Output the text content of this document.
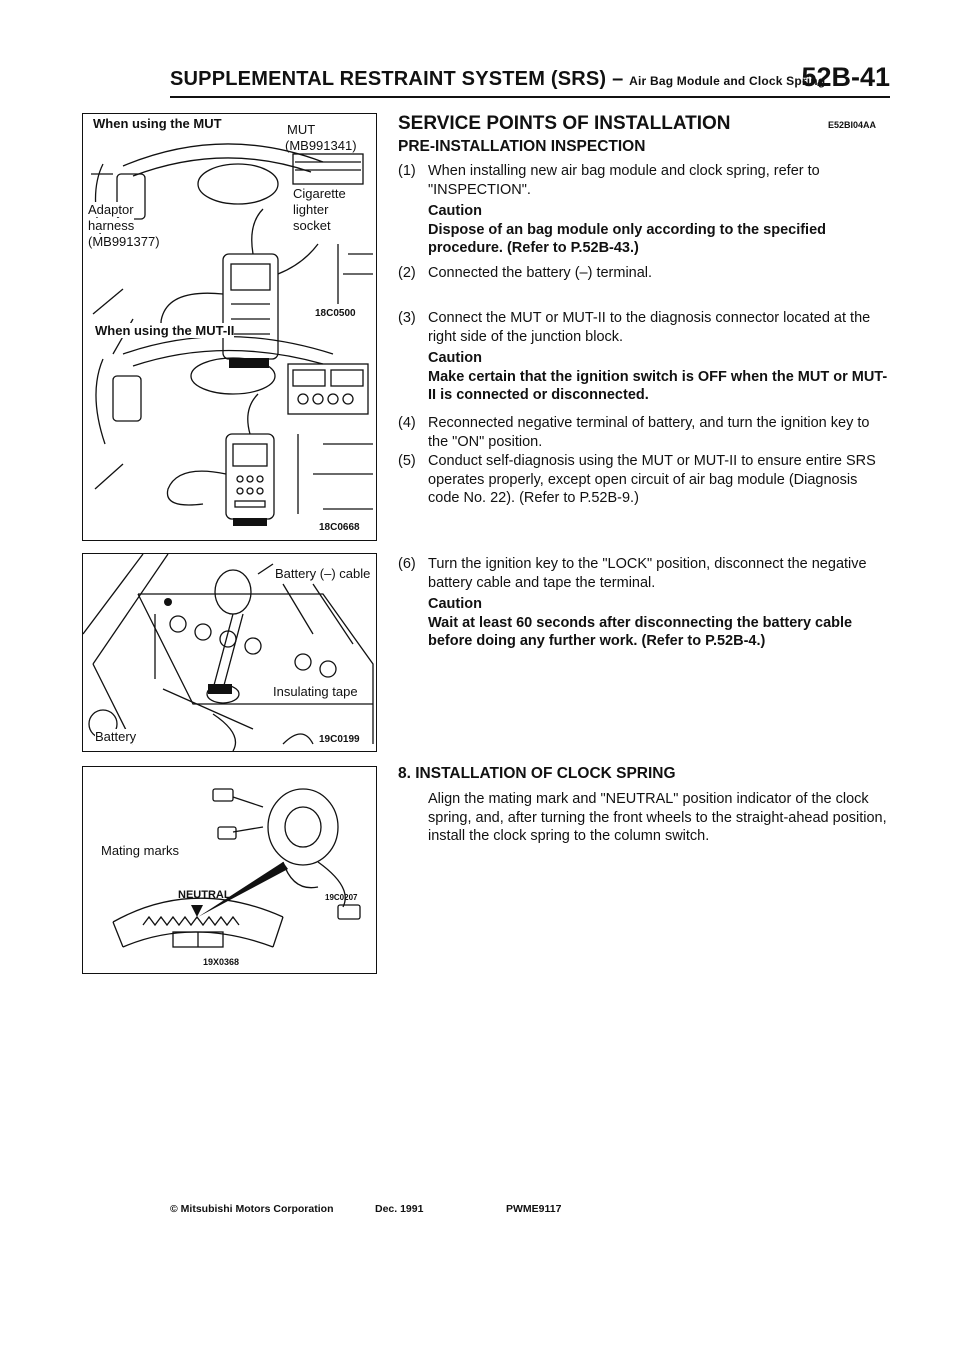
SUPPLEMENTAL RESTRAINT SYSTEM (SRS) – Air Bag Module and Clock Spring
52B-41
When using the MUT	MUT
(MB991341)
Cigarette
lighter
socket
Adaptor
harness
(MB991377)
18C0500
When using the MUT-II
18C0668
Battery (–) cable
Insulating tape
Battery	19C0199
Mating marks
NEUTRAL	19C0207
19X0368
SERVICE POINTS OF INSTALLATION	E52BI04AA
PRE-INSTALLATION INSPECTION
(1) When installing new air bag module and clock spring, refer to "INSPECTION".
Caution
Dispose of an bag module only according to the specified procedure. (Refer to P.52B-43.)
(2) Connected the battery (–) terminal.
(3) Connect the MUT or MUT-II to the diagnosis connector located at the right side of the junction block.
Caution
Make certain that the ignition switch is OFF when the MUT or MUT-II is connected or disconnected.
(4) Reconnected negative terminal of battery, and turn the ignition key to the "ON" position.
(5) Conduct self-diagnosis using the MUT or MUT-II to ensure entire SRS operates properly, except open circuit of air bag module (Diagnosis code No. 22). (Refer to P.52B-9.)
(6) Turn the ignition key to the "LOCK" position, disconnect the negative battery cable and tape the terminal.
Caution
Wait at least 60 seconds after disconnecting the battery cable before doing any further work. (Refer to P.52B-4.)
8. INSTALLATION OF CLOCK SPRING
Align the mating mark and "NEUTRAL" position indicator of the clock spring, and, after turning the front wheels to the straight-ahead position, install the clock spring to the column switch.
© Mitsubishi Motors Corporation	Dec. 1991	PWME9117
